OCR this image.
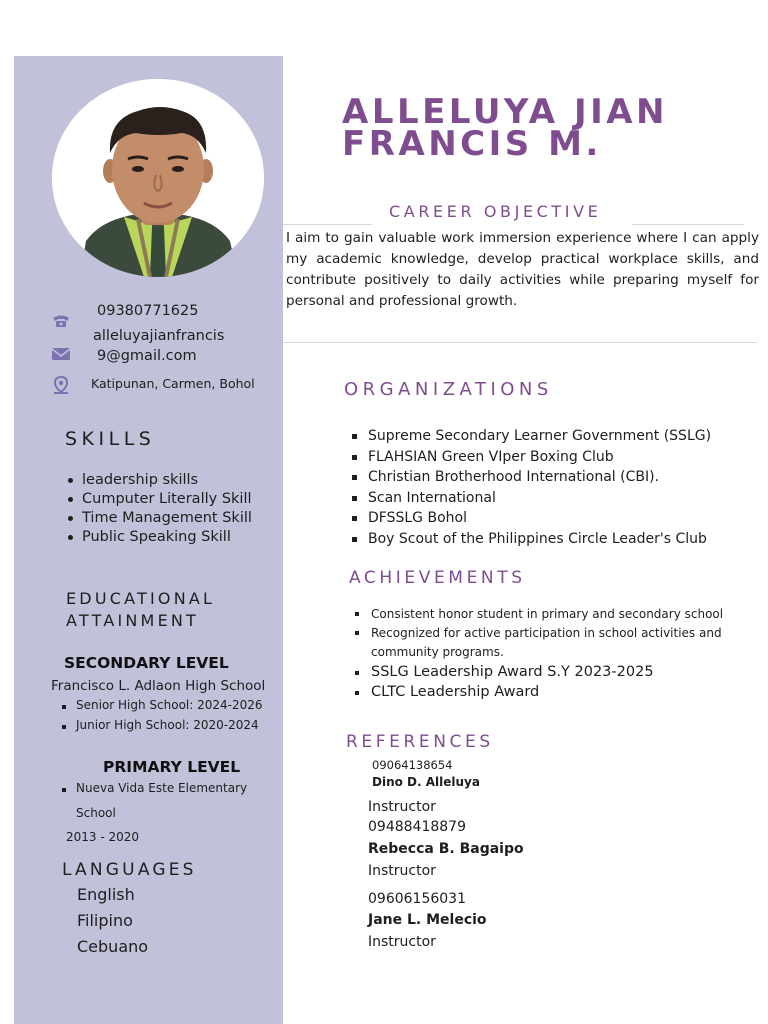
09380771625
alleluyajianfrancis
9@gmail.com
Katipunan, Carmen, Bohol
SKILLS
leadership skills
Cumputer Literally Skill
Time Management Skill
Public Speaking Skill
EDUCATIONAL
ATTAINMENT
SECONDARY LEVEL
Francisco L. Adlaon High School
Senior High School: 2024-2026
Junior High School: 2020-2024
PRIMARY LEVEL
Nueva Vida Este Elementary
School
2013 - 2020
LANGUAGES
English
Filipino
Cebuano
ALLELUYA JIAN
FRANCIS M.
CAREER OBJECTIVE
I aim to gain valuable work immersion experience where I can apply my academic knowledge, develop practical workplace skills, and contribute positively to daily activities while preparing myself for personal and professional growth.
ORGANIZATIONS
Supreme Secondary Learner Government (SSLG)
FLAHSIAN Green VIper Boxing Club
Christian Brotherhood International (CBI).
Scan International
DFSSLG Bohol
Boy Scout of the Philippines Circle Leader's Club
ACHIEVEMENTS
Consistent honor student in primary and secondary school
Recognized for active participation in school activities and community programs.
SSLG Leadership Award S.Y 2023-2025
CLTC Leadership Award
REFERENCES
09064138654
Dino D. Alleluya
Instructor
09488418879
Rebecca B. Bagaipo
Instructor
09606156031
Jane L. Melecio
Instructor
